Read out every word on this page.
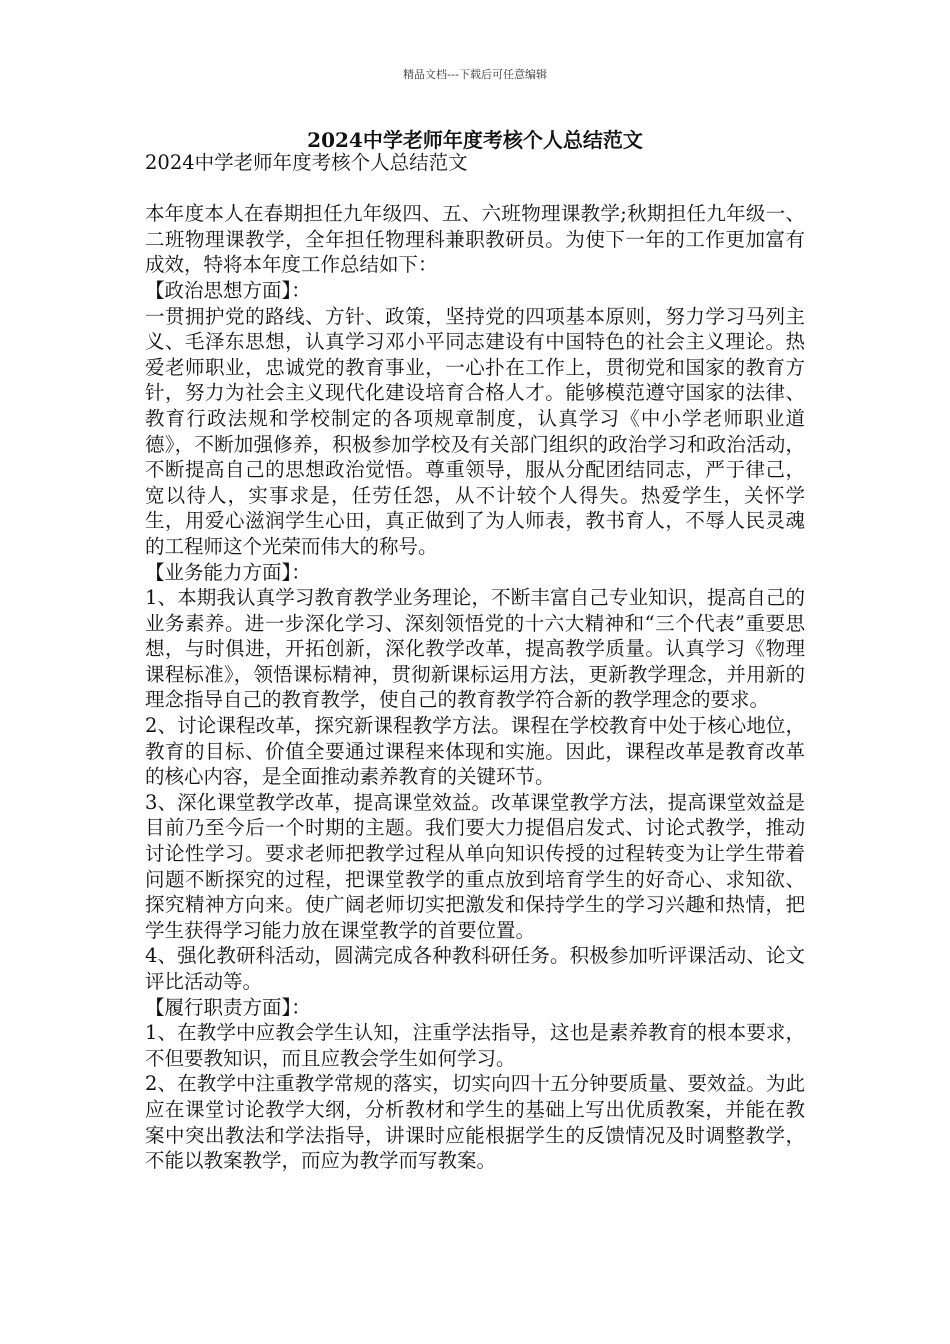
精品文档---下载后可任意编辑
2024中学老师年度考核个人总结范文

2024中学老师年度考核个人总结范文

本年度本人在春期担任九年级四、五、六班物理课教学;秋期担任九年级一、二班物理课教学，全年担任物理科兼职教研员。为使下一年的工作更加富有成效，特将本年度工作总结如下：

【政治思想方面】：

一贯拥护党的路线、方针、政策，坚持党的四项基本原则，努力学习马列主义、毛泽东思想，认真学习邓小平同志建设有中国特色的社会主义理论。热爱老师职业，忠诚党的教育事业，一心扑在工作上，贯彻党和国家的教育方针，努力为社会主义现代化建设培育合格人才。能够模范遵守国家的法律、教育行政法规和学校制定的各项规章制度，认真学习《中小学老师职业道德》，不断加强修养，积极参加学校及有关部门组织的政治学习和政治活动，不断提高自己的思想政治觉悟。尊重领导，服从分配团结同志，严于律己，宽以待人，实事求是，任劳任怨，从不计较个人得失。热爱学生，关怀学生，用爱心滋润学生心田，真正做到了为人师表，教书育人，不辱人民灵魂的工程师这个光荣而伟大的称号。

【业务能力方面】：

1、本期我认真学习教育教学业务理论，不断丰富自己专业知识，提高自己的业务素养。进一步深化学习、深刻领悟党的十六大精神和“三个代表”重要思想，与时俱进，开拓创新，深化教学改革，提高教学质量。认真学习《物理课程标准》，领悟课标精神，贯彻新课标运用方法，更新教学理念，并用新的理念指导自己的教育教学，使自己的教育教学符合新的教学理念的要求。

2、讨论课程改革，探究新课程教学方法。课程在学校教育中处于核心地位，教育的目标、价值全要通过课程来体现和实施。因此，课程改革是教育改革的核心内容，是全面推动素养教育的关键环节。

3、深化课堂教学改革，提高课堂效益。改革课堂教学方法，提高课堂效益是目前乃至今后一个时期的主题。我们要大力提倡启发式、讨论式教学，推动讨论性学习。要求老师把教学过程从单向知识传授的过程转变为让学生带着问题不断探究的过程，把课堂教学的重点放到培育学生的好奇心、求知欲、探究精神方向来。使广阔老师切实把激发和保持学生的学习兴趣和热情，把学生获得学习能力放在课堂教学的首要位置。

4、强化教研科活动，圆满完成各种教科研任务。积极参加听评课活动、论文评比活动等。

【履行职责方面】：

1、在教学中应教会学生认知，注重学法指导，这也是素养教育的根本要求，不但要教知识，而且应教会学生如何学习。

2、在教学中注重教学常规的落实，切实向四十五分钟要质量、要效益。为此应在课堂讨论教学大纲，分析教材和学生的基础上写出优质教案，并能在教案中突出教法和学法指导，讲课时应能根据学生的反馈情况及时调整教学，不能以教案教学，而应为教学而写教案。
